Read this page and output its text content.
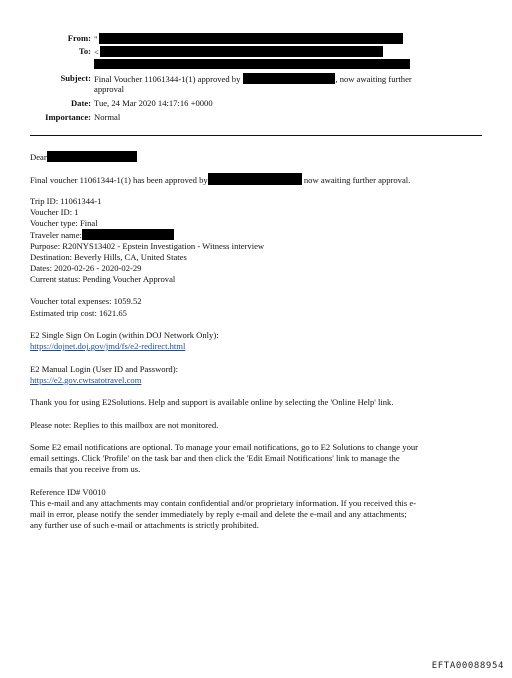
From: "
To: <
Subject: Final Voucher 11061344-1(1) approved by	, now awaiting further
approval
Date: Tue, 24 Mar 2020 14:17:16 +0000
Importance: Normal
Dear
Final voucher 11061344-1(1) has been approved by	now awaiting further approval.
Trip ID: 11061344-1
Voucher ID: 1
Voucher type: Final
Traveler name:
Purpose: R20NYS13402 - Epstein Investigation - Witness interview
Destination: Beverly Hills, CA, United States
Dates: 2020-02-26 - 2020-02-29
Current status: Pending Voucher Approval
Voucher total expenses: 1059.52
Estimated trip cost: 1621.65
E2 Single Sign On Login (within DOJ Network Only):
https://dojnet.doj.gov/jmd/fs/e2-redirect.html
E2 Manual Login (User ID and Password):
https://e2.gov.cwtsatotravel.com
Thank you for using E2Solutions. Help and support is available online by selecting the 'Online Help' link.
Please note: Replies to this mailbox are not monitored.
Some E2 email notifications are optional. To manage your email notifications, go to E2 Solutions to change your
email settings. Click 'Profile' on the task bar and then click the 'Edit Email Notifications' link to manage the
emails that you receive from us.
Reference ID# V0010
This e-mail and any attachments may contain confidential and/or proprietary information. If you received this e-
mail in error, please notify the sender immediately by reply e-mail and delete the e-mail and any attachments;
any further use of such e-mail or attachments is strictly prohibited.
EFTA00088954
